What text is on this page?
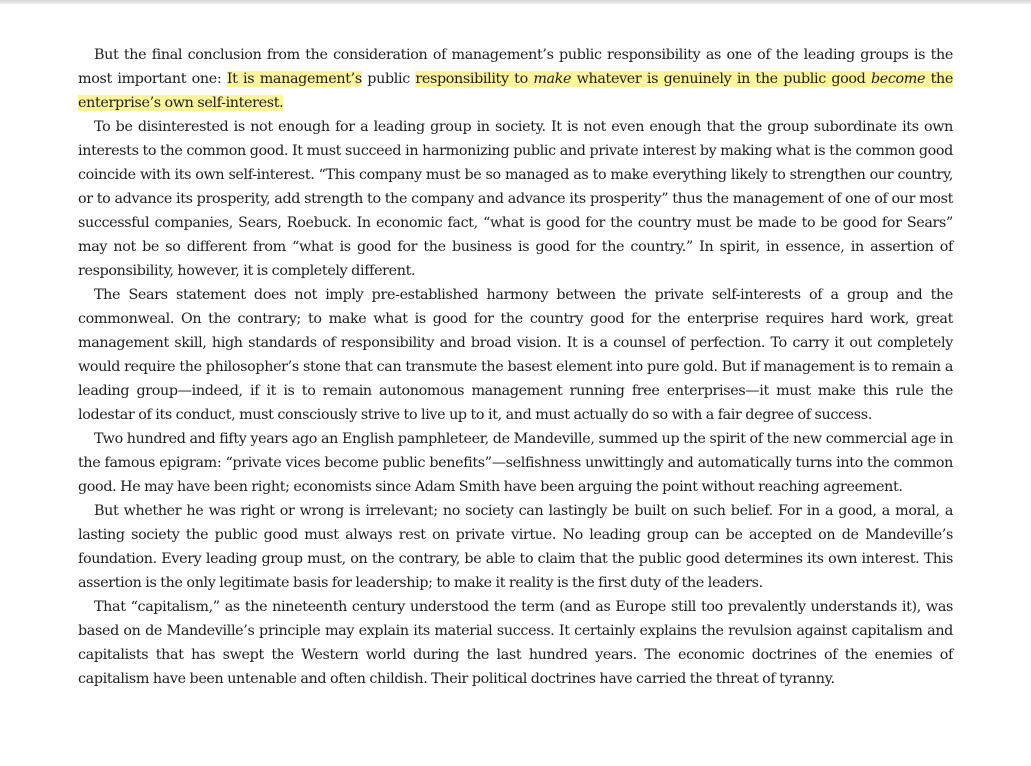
But the final conclusion from the consideration of management’s public responsibility as one of the leading groups is the most important one: It is management’s public responsibility to make whatever is genuinely in the public good become the enterprise’s own self-interest.

To be disinterested is not enough for a leading group in society. It is not even enough that the group subordinate its own interests to the common good. It must succeed in harmonizing public and private interest by making what is the common good coincide with its own self-interest. “This company must be so managed as to make everything likely to strengthen our country, or to advance its prosperity, add strength to the company and advance its prosperity” thus the management of one of our most successful companies, Sears, Roebuck. In economic fact, “what is good for the country must be made to be good for Sears” may not be so different from “what is good for the business is good for the country.” In spirit, in essence, in assertion of responsibility, however, it is completely different.

The Sears statement does not imply pre-established harmony between the private self-interests of a group and the commonweal. On the contrary; to make what is good for the country good for the enterprise requires hard work, great management skill, high standards of responsibility and broad vision. It is a counsel of perfection. To carry it out completely would require the philosopher’s stone that can transmute the basest element into pure gold. But if management is to remain a leading group—indeed, if it is to remain autonomous management running free enterprises—it must make this rule the lodestar of its conduct, must consciously strive to live up to it, and must actually do so with a fair degree of success.

Two hundred and fifty years ago an English pamphleteer, de Mandeville, summed up the spirit of the new commercial age in the famous epigram: “private vices become public benefits”—selfishness unwittingly and automatically turns into the common good. He may have been right; economists since Adam Smith have been arguing the point without reaching agreement.

But whether he was right or wrong is irrelevant; no society can lastingly be built on such belief. For in a good, a moral, a lasting society the public good must always rest on private virtue. No leading group can be accepted on de Mandeville’s foundation. Every leading group must, on the contrary, be able to claim that the public good determines its own interest. This assertion is the only legitimate basis for leadership; to make it reality is the first duty of the leaders.

That “capitalism,” as the nineteenth century understood the term (and as Europe still too prevalently understands it), was based on de Mandeville’s principle may explain its material success. It certainly explains the revulsion against capitalism and capitalists that has swept the Western world during the last hundred years. The economic doctrines of the enemies of capitalism have been untenable and often childish. Their political doctrines have carried the threat of tyranny.
